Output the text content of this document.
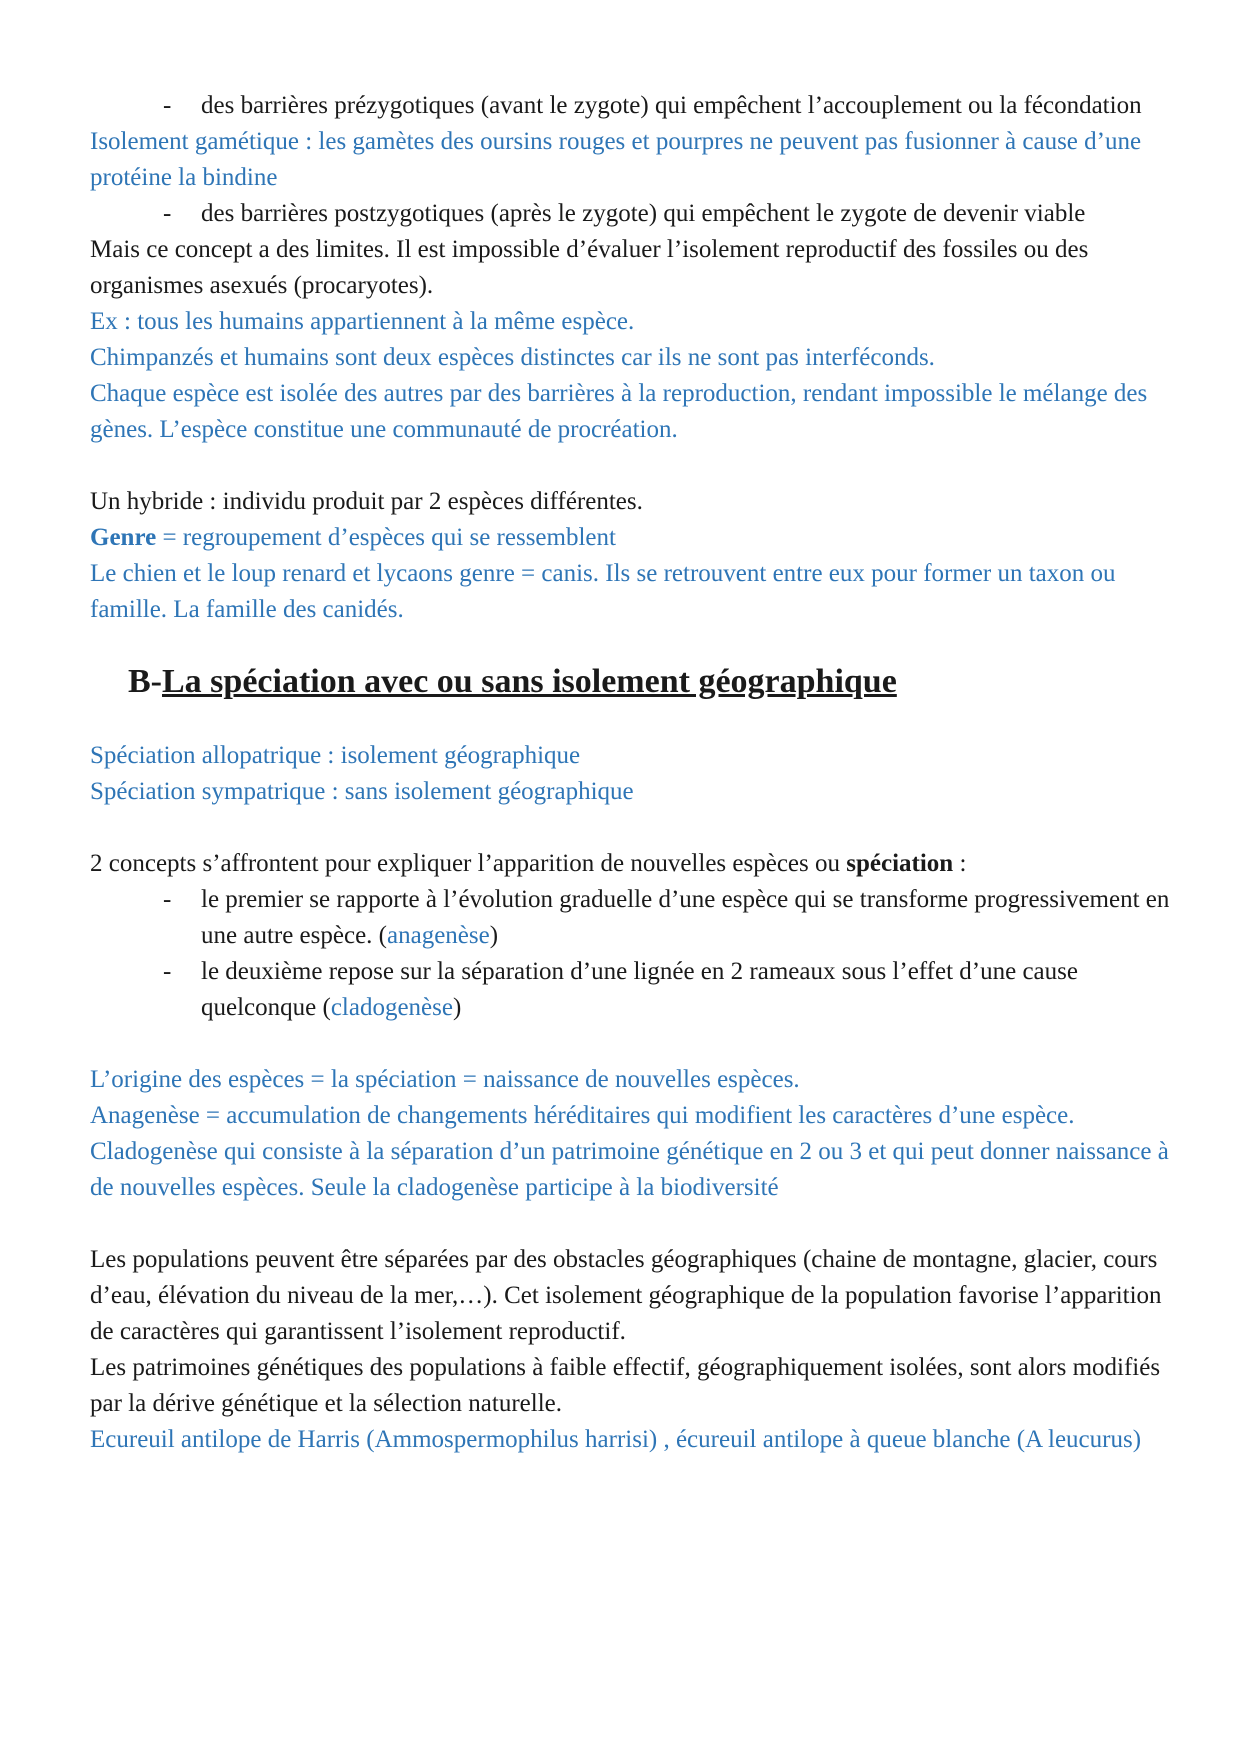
- des barrières prézygotiques (avant le zygote) qui empêchent l’accouplement ou la fécondation

Isolement gamétique : les gamètes des oursins rouges et pourpres ne peuvent pas fusionner à cause d’une protéine la bindine

- des barrières postzygotiques (après le zygote) qui empêchent le zygote de devenir viable

Mais ce concept a des limites. Il est impossible d’évaluer l’isolement reproductif des fossiles ou des organismes asexués (procaryotes).

Ex : tous les humains appartiennent à la même espèce.

Chimpanzés et humains sont deux espèces distinctes car ils ne sont pas interféconds.

Chaque espèce est isolée des autres par des barrières à la reproduction, rendant impossible le mélange des gènes. L’espèce constitue une communauté de procréation.

Un hybride : individu produit par 2 espèces différentes.

Genre = regroupement d’espèces qui se ressemblent

Le chien et le loup renard et lycaons genre = canis. Ils se retrouvent entre eux pour former un taxon ou famille. La famille des canidés.

B-La spéciation avec ou sans isolement géographique

Spéciation allopatrique : isolement géographique

Spéciation sympatrique : sans isolement géographique

2 concepts s’affrontent pour expliquer l’apparition de nouvelles espèces ou spéciation :

- le premier se rapporte à l’évolution graduelle d’une espèce qui se transforme progressivement en une autre espèce. (anagenèse)

- le deuxième repose sur la séparation d’une lignée en 2 rameaux sous l’effet d’une cause quelconque (cladogenèse)

L’origine des espèces = la spéciation = naissance de nouvelles espèces.

Anagenèse = accumulation de changements héréditaires qui modifient les caractères d’une espèce.

Cladogenèse qui consiste à la séparation d’un patrimoine génétique en 2 ou 3 et qui peut donner naissance à de nouvelles espèces. Seule la cladogenèse participe à la biodiversité

Les populations peuvent être séparées par des obstacles géographiques (chaine de montagne, glacier, cours d’eau, élévation du niveau de la mer,…). Cet isolement géographique de la population favorise l’apparition de caractères qui garantissent l’isolement reproductif.

Les patrimoines génétiques des populations à faible effectif, géographiquement isolées, sont alors modifiés par la dérive génétique et la sélection naturelle.

Ecureuil antilope de Harris (Ammospermophilus harrisi) , écureuil antilope à queue blanche (A leucurus)
